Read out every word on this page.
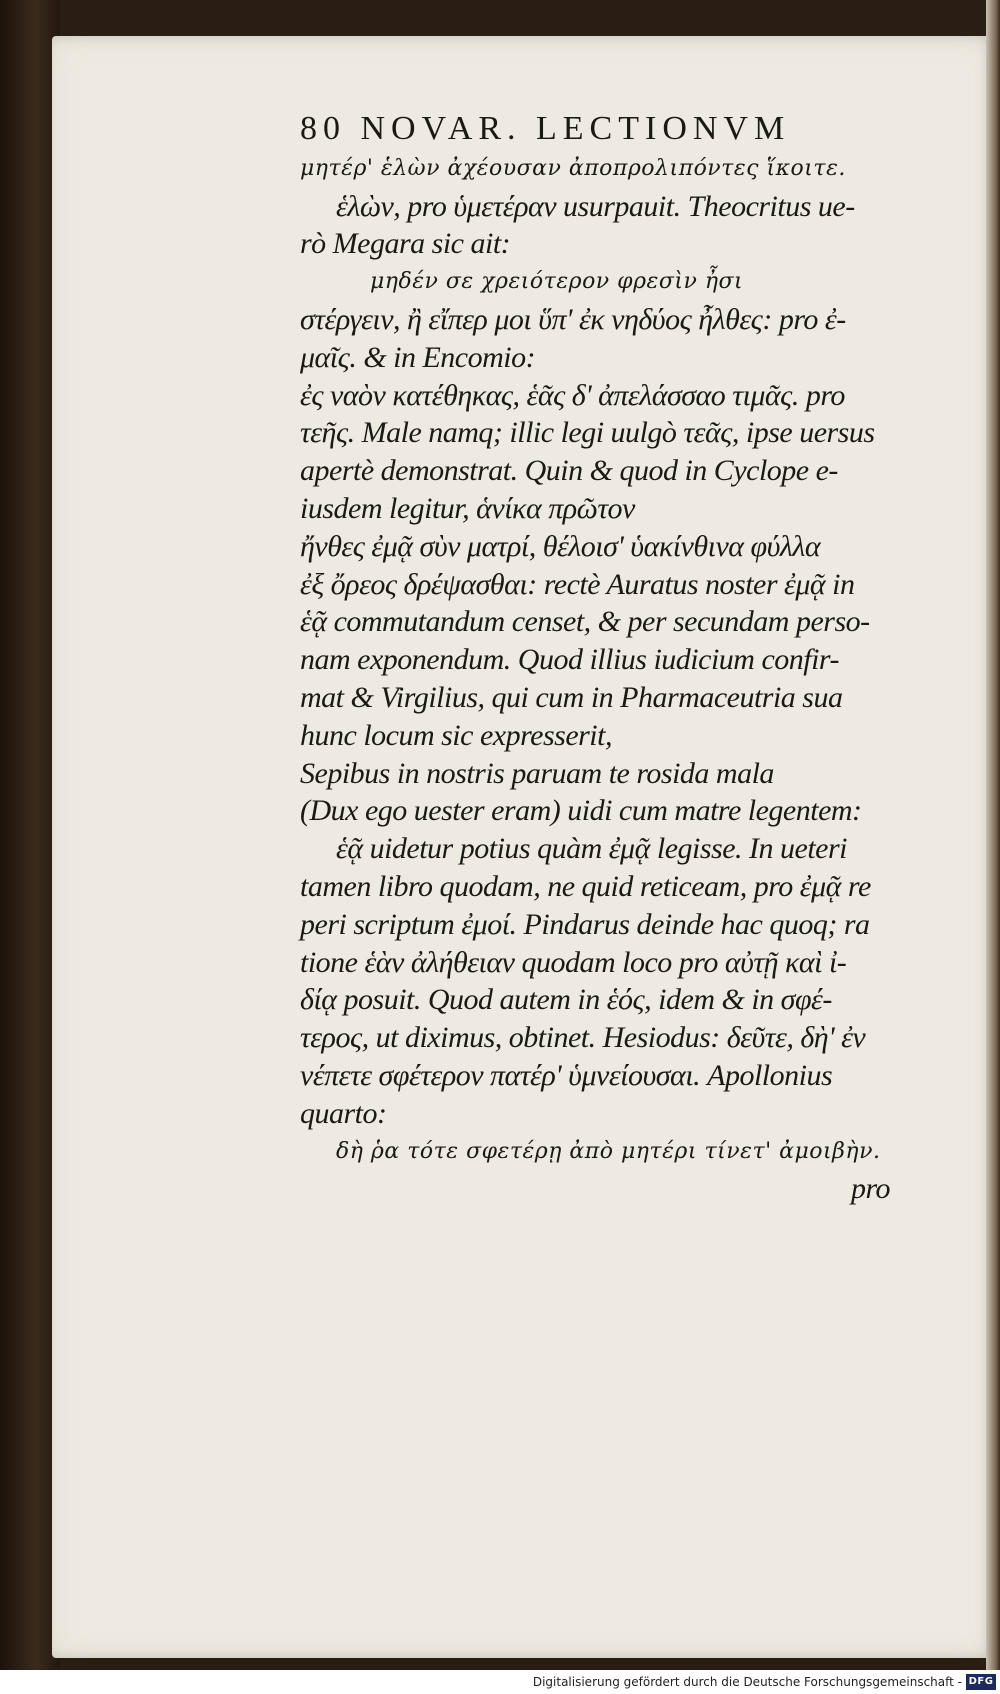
80 NOVAR. LECTIONVM
μητέρ' ἑλὼν ἀχέουσαν ἀποπρολιπόντες ἵκοιτε.
ἑλὼν, pro ὑμετέραν usurpauit. Theocritus ue-
rò Megara sic ait:
μηδέν σε χρειότερον φρεσὶν ἦσι
στέργειν, ἢ εἴπερ μοι ὕπ' ἐκ νηδύος ἦλθες: pro ἐ-
μαῖς. & in Encomio:
ἐς ναὸν κατέθηκας, ἑᾶς δ' ἀπελάσσαο τιμᾶς. pro
τεῆς. Male namq; illic legi uulgò τεᾶς, ipse uersus
apertè demonstrat. Quin & quod in Cyclope e-
iusdem legitur, ἁνίκα πρῶτον
ἤνθες ἐμᾷ σὺν ματρί, θέλοισ' ὑακίνθινα φύλλα
ἐξ ὄρεος δρέψασθαι: rectè Auratus noster ἐμᾷ in
ἑᾷ commutandum censet, & per secundam perso-
nam exponendum. Quod illius iudicium confir-
mat & Virgilius, qui cum in Pharmaceutria sua
hunc locum sic expresserit,
Sepibus in nostris paruam te rosida mala
(Dux ego uester eram) uidi cum matre legentem:
ἑᾷ uidetur potius quàm ἐμᾷ legisse. In ueteri
tamen libro quodam, ne quid reticeam, pro ἐμᾷ re
peri scriptum ἐμοί. Pindarus deinde hac quoq; ra
tione ἑὰν ἀλήθειαν quodam loco pro αὐτῇ καὶ ἰ-
δίᾳ posuit. Quod autem in ἑός, idem & in σφέ-
τερος, ut diximus, obtinet. Hesiodus: δεῦτε, δὴ' ἐν
νέπετε σφέτερον πατέρ' ὑμνείουσαι. Apollonius
quarto:
δὴ ῥα τότε σφετέρῃ ἀπὸ μητέρι τίνετ' ἀμοιβὴν.
pro
Digitalisierung gefördert durch die Deutsche Forschungsgemeinschaft - DFG
